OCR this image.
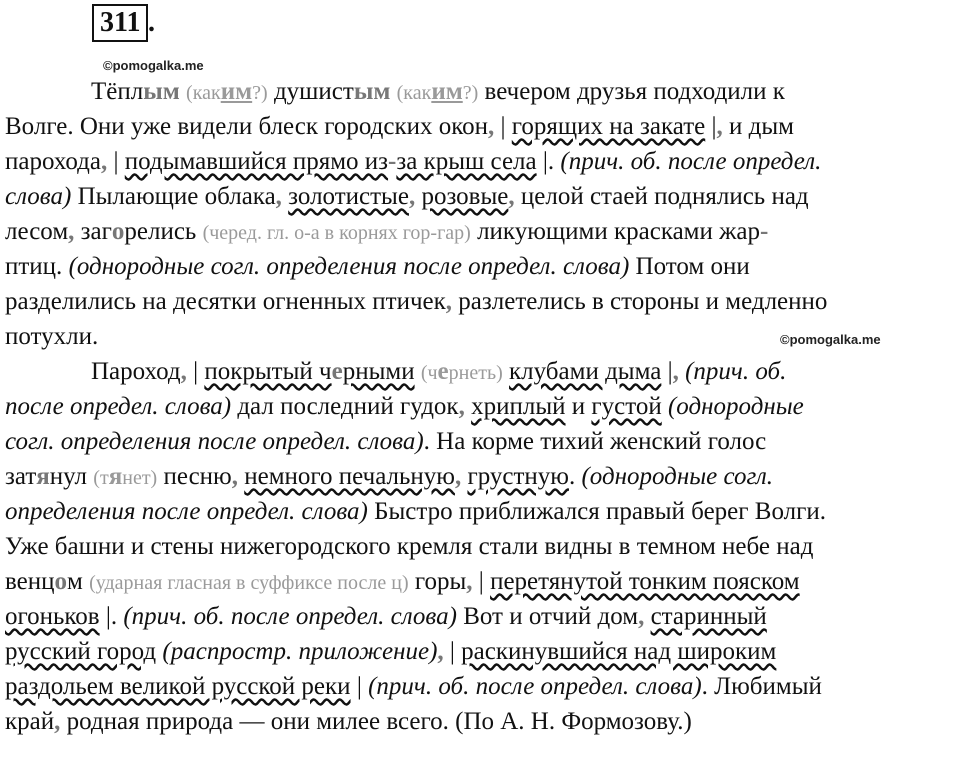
311 .
©pomogalka.me
©pomogalka.me
Тёплым (каким?) душистым (каким?) вечером друзья подходили к
Волге. Они уже видели блеск городских окон, | горящих на закате |, и дым
парохода, | подымавшийся прямо из-за крыш села |. (прич. об. после определ.
слова) Пылающие облака, золотистые, розовые, целой стаей поднялись над
лесом, загорелись (черед. гл. о-а в корнях гор-гар) ликующими красками жар-
птиц. (однородные согл. определения после определ. слова) Потом они
разделились на десятки огненных птичек, разлетелись в стороны и медленно
потухли.
Пароход, | покрытый черными (чернеть) клубами дыма |, (прич. об.
после определ. слова) дал последний гудок, хриплый и густой (однородные
согл. определения после определ. слова). На корме тихий женский голос
затянул (тянет) песню, немного печальную, грустную. (однородные согл.
определения после определ. слова) Быстро приближался правый берег Волги.
Уже башни и стены нижегородского кремля стали видны в темном небе над
венцом (ударная гласная в суффиксе после ц) горы, | перетянутой тонким пояском
огоньков |. (прич. об. после определ. слова) Вот и отчий дом, старинный
русский город (распростр. приложение), | раскинувшийся над широким
раздольем великой русской реки | (прич. об. после определ. слова). Любимый
край, родная природа — они милее всего. (По А. Н. Формозову.)
